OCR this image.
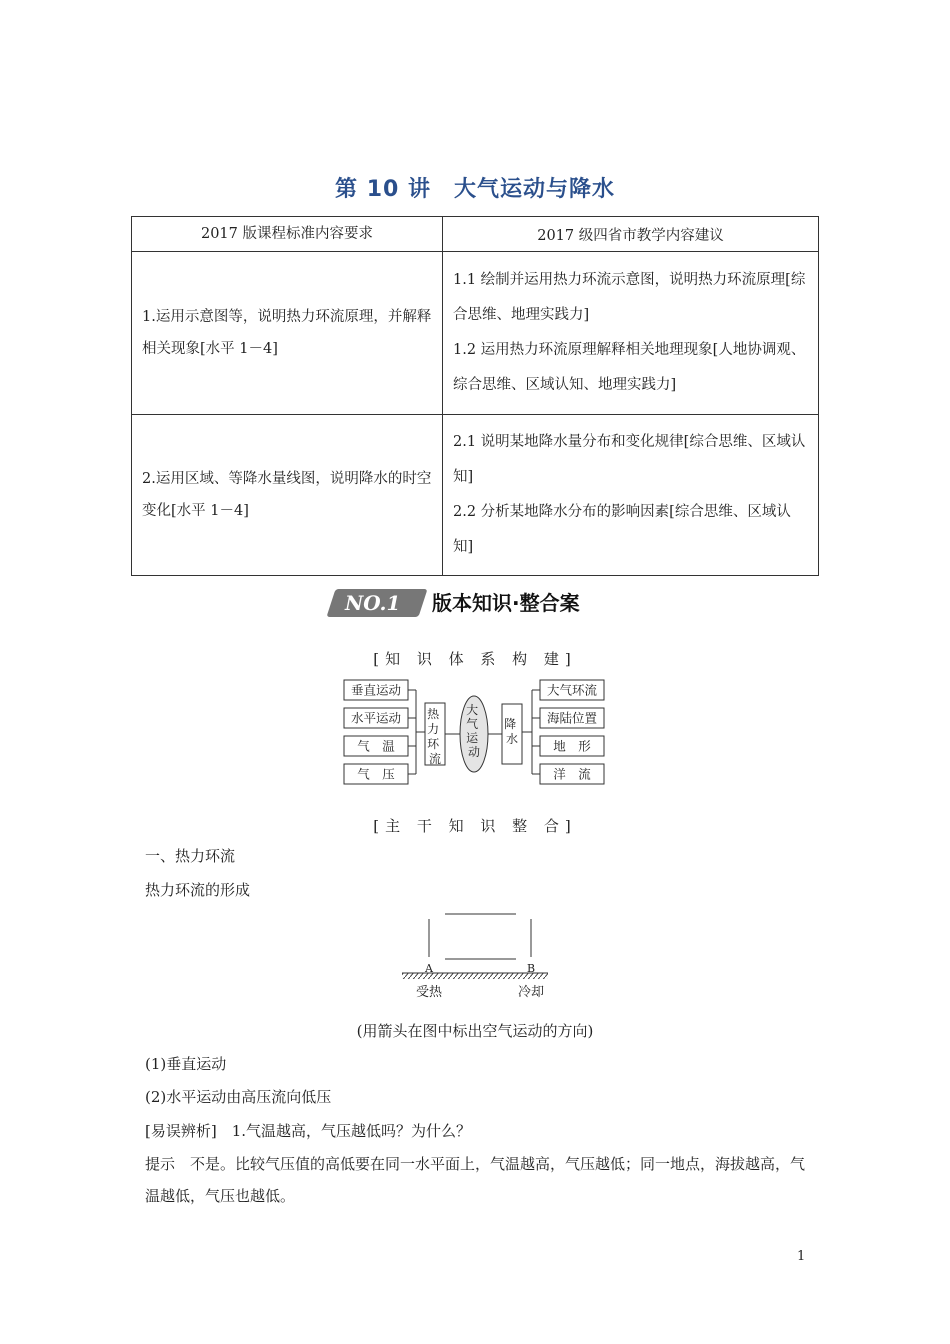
第 10 讲　大气运动与降水
2017 版课程标准内容要求	2017 级四省市教学内容建议
1.运用示意图等，说明热力环流原理，并解释相关现象[水平 1－4]	1.1 绘制并运用热力环流示意图，说明热力环流原理[综合思维、地理实践力]
1.2 运用热力环流原理解释相关地理现象[人地协调观、综合思维、区域认知、地理实践力]

2.运用区域、等降水量线图，说明降水的时空变化[水平 1－4]	2.1 说明某地降水量分布和变化规律[综合思维、区域认知]
2.2 分析某地降水分布的影响因素[综合思维、区域认知]
NO.1	版本知识·整合案
[知 识 体 系 构 建]
垂直运动
水平运动
气　温
气　压
热 力 环 流
大 气 运 动
降 水
大气环流
海陆位置
地　形
洋　流
[主 干 知 识 整 合]
一、热力环流
热力环流的形成
A	B
受热	冷却
(用箭头在图中标出空气运动的方向)
(1)垂直运动
(2)水平运动由高压流向低压
[易误辨析]　1.气温越高，气压越低吗？为什么？
提示　不是。比较气压值的高低要在同一水平面上，气温越高，气压越低；同一地点，海拔越高，气温越低，气压也越低。
1
